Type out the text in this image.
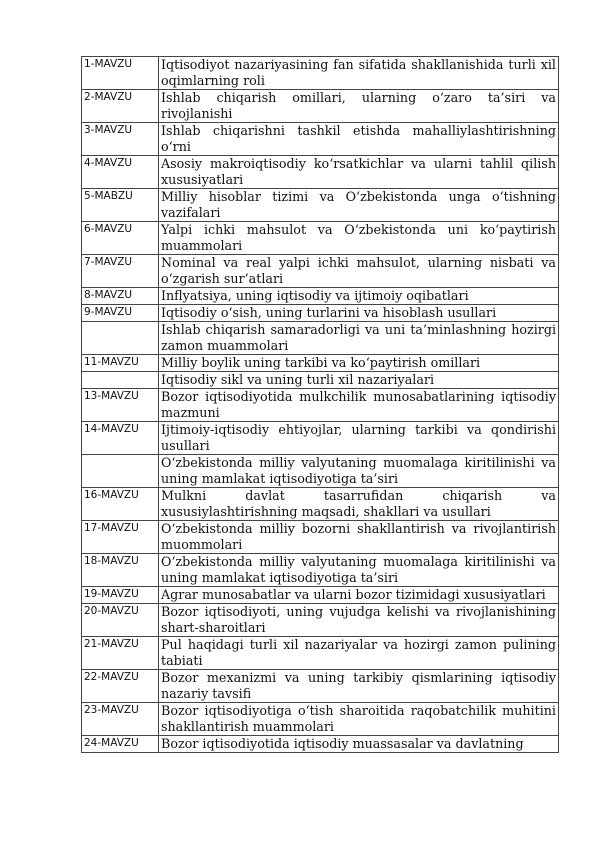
1-MAVZU	Iqtisodiyot nazariyasining fan sifatida shakllanishida turli xil oqimlarning roli
2-MAVZU	Ishlab chiqarish omillari, ularning o‘zaro ta’siri va rivojlanishi
3-MAVZU	Ishlab chiqarishni tashkil etishda mahalliylashtirishning o‘rni
4-MAVZU	Asosiy makroiqtisodiy ko‘rsatkichlar va ularni tahlil qilish xususiyatlari
5-MABZU	Milliy hisoblar tizimi va O‘zbekistonda unga o‘tishning vazifalari
6-MAVZU	Yalpi ichki mahsulot va O‘zbekistonda uni ko‘paytirish muammolari
7-MAVZU	Nominal va real yalpi ichki mahsulot, ularning nisbati va o‘zgarish sur’atlari
8-MAVZU	Inflyatsiya, uning iqtisodiy va ijtimoiy oqibatlari
9-MAVZU	Iqtisodiy o‘sish, uning turlarini va hisoblash usullari
	Ishlab chiqarish samaradorligi va uni ta’minlashning hozirgi zamon muammolari
11-MAVZU	Milliy boylik uning tarkibi va ko‘paytirish omillari
	Iqtisodiy sikl va uning turli xil nazariyalari
13-MAVZU	Bozor iqtisodiyotida mulkchilik munosabatlarining iqtisodiy mazmuni
14-MAVZU	Ijtimoiy-iqtisodiy ehtiyojlar, ularning tarkibi va qondirishi usullari
	O‘zbekistonda milliy valyutaning muomalaga kiritilinishi va uning mamlakat iqtisodiyotiga ta’siri
16-MAVZU	Mulkni davlat tasarrufidan chiqarish va xususiylashtirishning maqsadi, shakllari va usullari
17-MAVZU	O‘zbekistonda milliy bozorni shakllantirish va rivojlantirish muommolari
18-MAVZU	O‘zbekistonda milliy valyutaning muomalaga kiritilinishi va uning mamlakat iqtisodiyotiga ta’siri
19-MAVZU	Agrar munosabatlar va ularni bozor tizimidagi xususiyatlari
20-MAVZU	Bozor iqtisodiyoti, uning vujudga kelishi va rivojlanishining shart-sharoitlari
21-MAVZU	Pul haqidagi turli xil nazariyalar va hozirgi zamon pulining tabiati
22-MAVZU	Bozor mexanizmi va uning tarkibiy qismlarining iqtisodiy nazariy tavsifi
23-MAVZU	Bozor iqtisodiyotiga o‘tish sharoitida raqobatchilik muhitini shakllantirish muammolari
24-MAVZU	Bozor iqtisodiyotida iqtisodiy muassasalar va davlatning
